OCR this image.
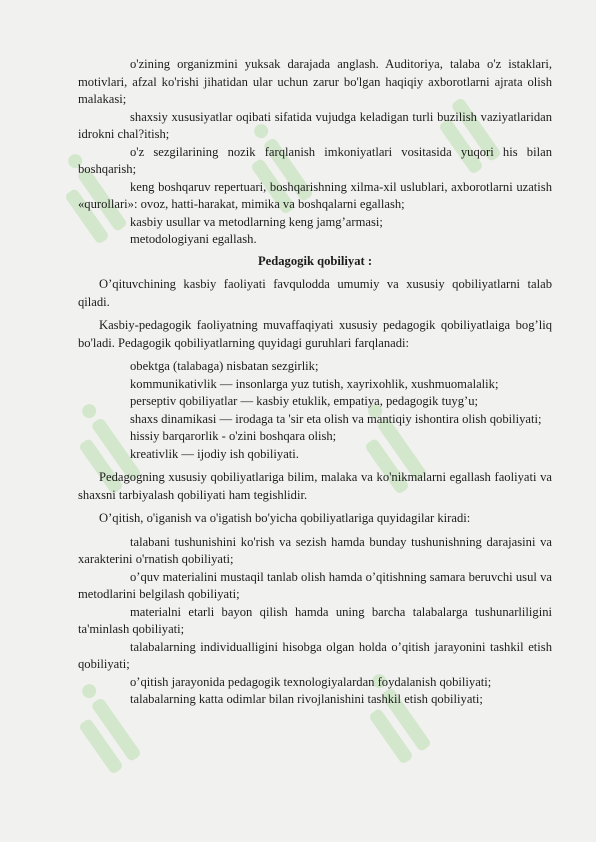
o'zining organizmini yuksak darajada anglash. Auditoriya, talaba o'z istaklari, motivlari, afzal ko'rishi jihatidan ular uchun zarur bo'lgan haqiqiy axborotlarni ajrata olish malakasi;

shaxsiy xususiyatlar oqibati sifatida vujudga keladigan turli buzilish vaziyatlaridan idrokni chal?itish;

o'z sezgilarining nozik farqlanish imkoniyatlari vositasida yuqori his bilan boshqarish;

keng boshqaruv repertuari, boshqarishning xilma-xil uslublari, axborotlarni uzatish «qurollari»: ovoz, hatti-harakat, mimika va boshqalarni egallash;

kasbiy usullar va metodlarning keng jamg’armasi;

metodologiyani egallash.

Pedagogik qobiliyat :

O’qituvchining kasbiy faoliyati favqulodda umumiy va xususiy qobiliyatlarni talab qiladi.

Kasbiy-pedagogik faoliyatning muvaffaqiyati xususiy pedagogik qobiliyatlaiga bog’liq bo'ladi. Pedagogik qobiliyatlarning quyidagi guruhlari farqlanadi:

obektga (talabaga) nisbatan sezgirlik;

kommunikativlik — insonlarga yuz tutish, xayrixohlik, xushmuomalalik;

perseptiv qobiliyatlar — kasbiy etuklik, empatiya, pedagogik tuyg’u;

shaxs dinamikasi — irodaga ta 'sir eta olish va mantiqiy ishontira olish qobiliyati;

hissiy barqarorlik - o'zini boshqara olish;

kreativlik — ijodiy ish qobiliyati.

Pedagogning xususiy qobiliyatlariga bilim, malaka va ko'nikmalarni egallash faoliyati va shaxsni tarbiyalash qobiliyati ham tegishlidir.

O’qitish, o'iganish va o'igatish bo'yicha qobiliyatlariga quyidagilar kiradi:

talabani tushunishini ko'rish va sezish hamda bunday tushunishning darajasini va xarakterini o'rnatish qobiliyati;

o’quv materialini mustaqil tanlab olish hamda o’qitishning samara beruvchi usul va metodlarini belgilash qobiliyati;

materialni etarli bayon qilish hamda uning barcha talabalarga tushunarliligini ta'minlash qobiliyati;

talabalarning individualligini hisobga olgan holda o’qitish jarayonini tashkil etish qobiliyati;

o’qitish jarayonida pedagogik texnologiyalardan foydalanish qobiliyati;

talabalarning katta odimlar bilan rivojlanishini tashkil etish qobiliyati;
